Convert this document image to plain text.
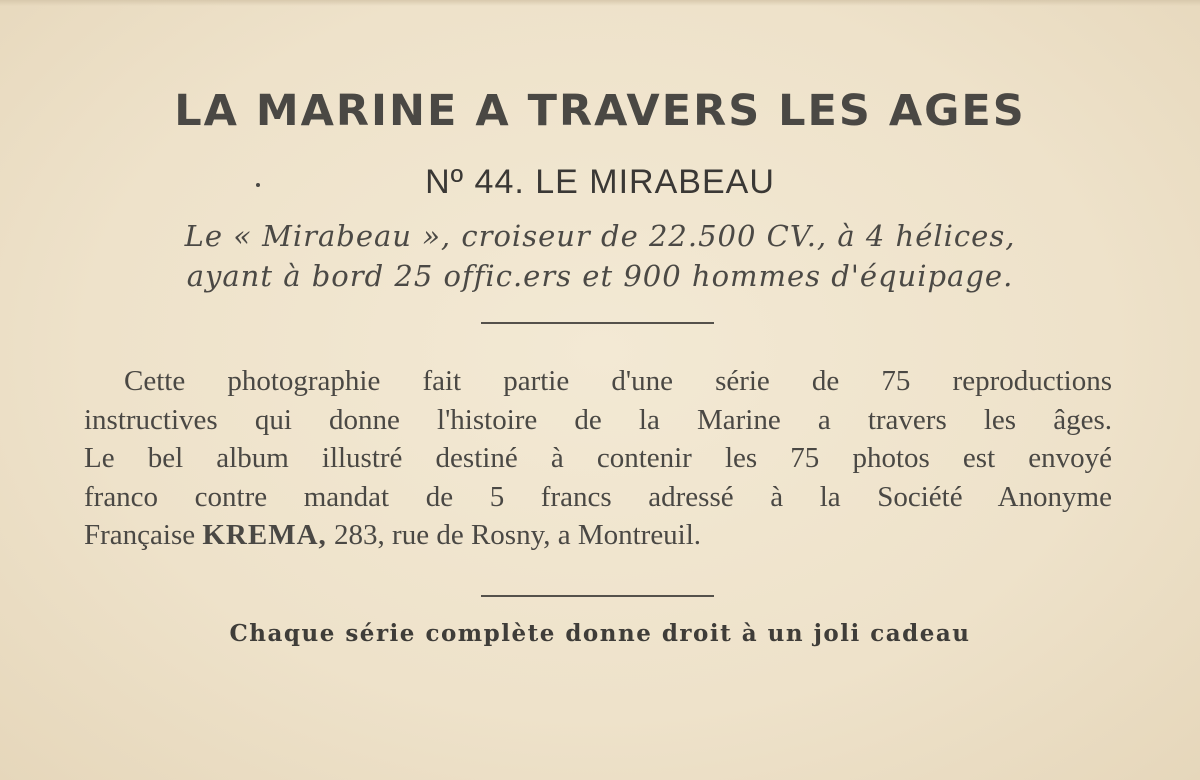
LA MARINE A TRAVERS LES AGES
Nº 44. LE MIRABEAU
Le « Mirabeau », croiseur de 22.500 CV., à 4 hélices,
ayant à bord 25 offic.ers et 900 hommes d'équipage.
Cette photographie fait partie d'une série de 75 reproductions
instructives qui donne l'histoire de la Marine a travers les âges.
Le bel album illustré destiné à contenir les 75 photos est envoyé
franco contre mandat de 5 francs adressé à la Société Anonyme
Française KREMA, 283, rue de Rosny, a Montreuil.
Chaque série complète donne droit à un joli cadeau
